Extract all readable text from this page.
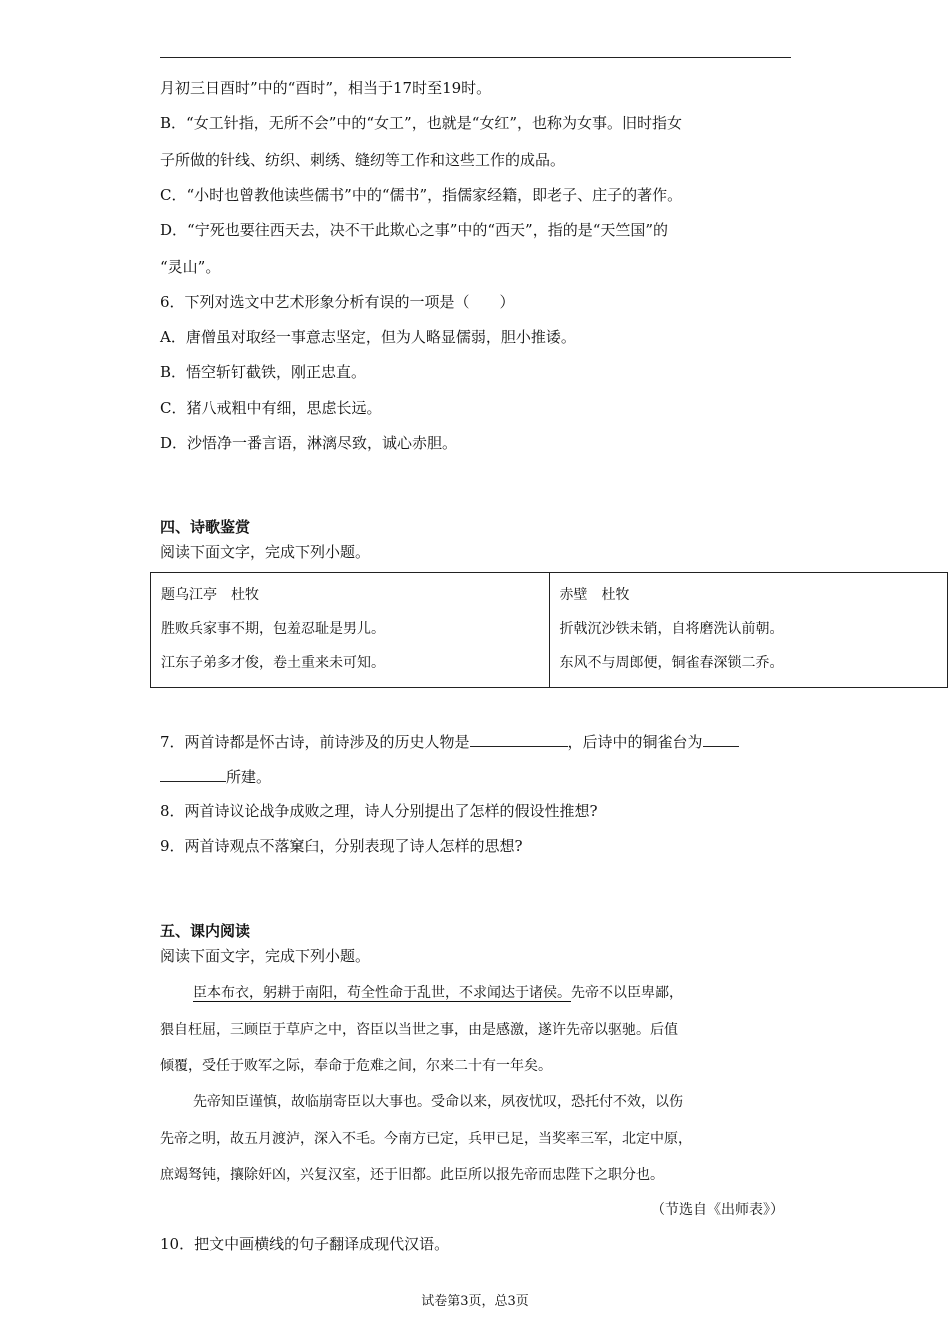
月初三日酉时”中的“酉时”，相当于17时至19时。
B．“女工针指，无所不会”中的“女工”，也就是“女红”，也称为女事。旧时指女
子所做的针线、纺织、刺绣、缝纫等工作和这些工作的成品。
C．“小时也曾教他读些儒书”中的“儒书”，指儒家经籍，即老子、庄子的著作。
D．“宁死也要往西天去，决不干此欺心之事”中的“西天”，指的是“天竺国”的
“灵山”。
6．下列对选文中艺术形象分析有误的一项是（　　）
A．唐僧虽对取经一事意志坚定，但为人略显儒弱，胆小推诿。
B．悟空斩钉截铁，刚正忠直。
C．猪八戒粗中有细，思虑长远。
D．沙悟净一番言语，淋漓尽致，诚心赤胆。
四、诗歌鉴赏
阅读下面文字，完成下列小题。
题乌江亭　杜牧
胜败兵家事不期，包羞忍耻是男儿。
江东子弟多才俊，卷土重来未可知。
赤壁　杜牧
折戟沉沙铁未销，自将磨洗认前朝。
东风不与周郎便，铜雀春深锁二乔。
7．两首诗都是怀古诗，前诗涉及的历史人物是	，后诗中的铜雀台为
所建。
8．两首诗议论战争成败之理，诗人分别提出了怎样的假设性推想?
9．两首诗观点不落窠臼，分别表现了诗人怎样的思想?
五、课内阅读
阅读下面文字，完成下列小题。
臣本布衣，躬耕于南阳，苟全性命于乱世，不求闻达于诸侯。先帝不以臣卑鄙，
猥自枉屈，三顾臣于草庐之中，咨臣以当世之事，由是感激，遂许先帝以驱驰。后值
倾覆，受任于败军之际，奉命于危难之间，尔来二十有一年矣。
先帝知臣谨慎，故临崩寄臣以大事也。受命以来，夙夜忧叹，恐托付不效，以伤
先帝之明，故五月渡泸，深入不毛。今南方已定，兵甲已足，当奖率三军，北定中原，
庶竭驽钝，攘除奸凶，兴复汉室，还于旧都。此臣所以报先帝而忠陛下之职分也。
（节选自《出师表》）
10．把文中画横线的句子翻译成现代汉语。
试卷第3页，总3页
